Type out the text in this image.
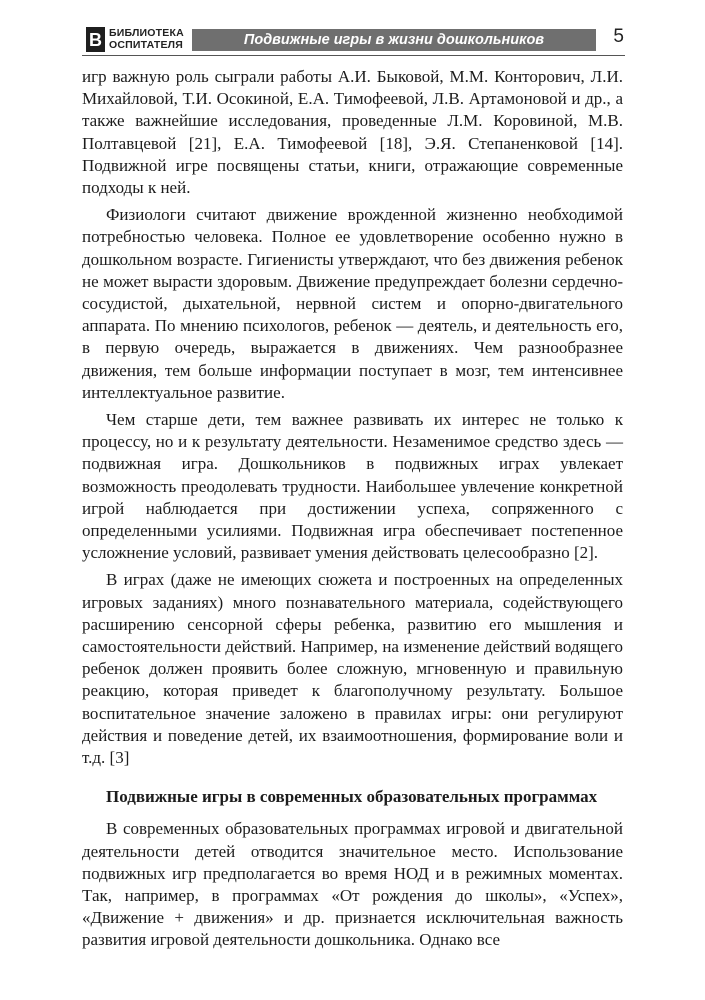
В БИБЛИОТЕКА
ОСПИТАТЕЛЯ	Подвижные игры в жизни дошкольников	5

игр важную роль сыграли работы А.И. Быковой, М.М. Конторович, Л.И. Михайловой, Т.И. Осокиной, Е.А. Тимофеевой, Л.В. Артамоновой и др., а также важнейшие исследования, проведенные Л.М. Коровиной, М.В. Полтавцевой [21], Е.А. Тимофеевой [18], Э.Я. Степаненковой [14]. Подвижной игре посвящены статьи, книги, отражающие современные подходы к ней.

Физиологи считают движение врожденной жизненно необходимой потребностью человека. Полное ее удовлетворение особенно нужно в дошкольном возрасте. Гигиенисты утверждают, что без движения ребенок не может вырасти здоровым. Движение предупреждает болезни сердечно-сосудистой, дыхательной, нервной систем и опорно-двигательного аппарата. По мнению психологов, ребенок — деятель, и деятельность его, в первую очередь, выражается в движениях. Чем разнообразнее движения, тем больше информации поступает в мозг, тем интенсивнее интеллектуальное развитие.

Чем старше дети, тем важнее развивать их интерес не только к процессу, но и к результату деятельности. Незаменимое средство здесь — подвижная игра. Дошкольников в подвижных играх увлекает возможность преодолевать трудности. Наибольшее увлечение конкретной игрой наблюдается при достижении успеха, сопряженного с определенными усилиями. Подвижная игра обеспечивает постепенное усложнение условий, развивает умения действовать целесообразно [2].

В играх (даже не имеющих сюжета и построенных на определенных игровых заданиях) много познавательного материала, содействующего расширению сенсорной сферы ребенка, развитию его мышления и самостоятельности действий. Например, на изменение действий водящего ребенок должен проявить более сложную, мгновенную и правильную реакцию, которая приведет к благополучному результату. Большое воспитательное значение заложено в правилах игры: они регулируют действия и поведение детей, их взаимоотношения, формирование воли и т.д. [3]

Подвижные игры в современных образовательных программах

В современных образовательных программах игровой и двигательной деятельности детей отводится значительное место. Использование подвижных игр предполагается во время НОД и в режимных моментах. Так, например, в программах «От рождения до школы», «Успех», «Движение + движения» и др. признается исключительная важность развития игровой деятельности дошкольника. Однако все
